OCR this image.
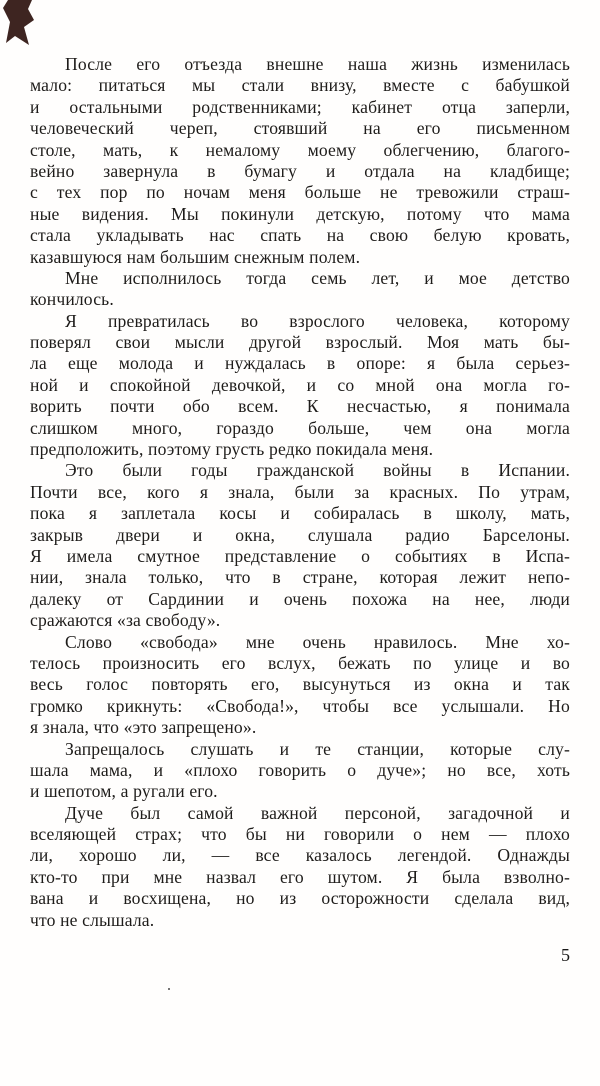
После его отъезда внешне наша жизнь изменилась
мало: питаться мы стали внизу, вместе с бабушкой
и остальными родственниками; кабинет отца заперли,
человеческий череп, стоявший на его письменном
столе, мать, к немалому моему облегчению, благого-
вейно завернула в бумагу и отдала на кладбище;
с тех пор по ночам меня больше не тревожили страш-
ные видения. Мы покинули детскую, потому что мама
стала укладывать нас спать на свою белую кровать,
казавшуюся нам большим снежным полем.
Мне исполнилось тогда семь лет, и мое детство
кончилось.
Я превратилась во взрослого человека, которому
поверял свои мысли другой взрослый. Моя мать бы-
ла еще молода и нуждалась в опоре: я была серьез-
ной и спокойной девочкой, и со мной она могла го-
ворить почти обо всем. К несчастью, я понимала
слишком много, гораздо больше, чем она могла
предположить, поэтому грусть редко покидала меня.
Это были годы гражданской войны в Испании.
Почти все, кого я знала, были за красных. По утрам,
пока я заплетала косы и собиралась в школу, мать,
закрыв двери и окна, слушала радио Барселоны.
Я имела смутное представление о событиях в Испа-
нии, знала только, что в стране, которая лежит непо-
далеку от Сардинии и очень похожа на нее, люди
сражаются «за свободу».
Слово «свобода» мне очень нравилось. Мне хо-
телось произносить его вслух, бежать по улице и во
весь голос повторять его, высунуться из окна и так
громко крикнуть: «Свобода!», чтобы все услышали. Но
я знала, что «это запрещено».
Запрещалось слушать и те станции, которые слу-
шала мама, и «плохо говорить о дуче»; но все, хоть
и шепотом, а ругали его.
Дуче был самой важной персоной, загадочной и
вселяющей страх; что бы ни говорили о нем — плохо
ли, хорошо ли, — все казалось легендой. Однажды
кто-то при мне назвал его шутом. Я была взволно-
вана и восхищена, но из осторожности сделала вид,
что не слышала.
5
